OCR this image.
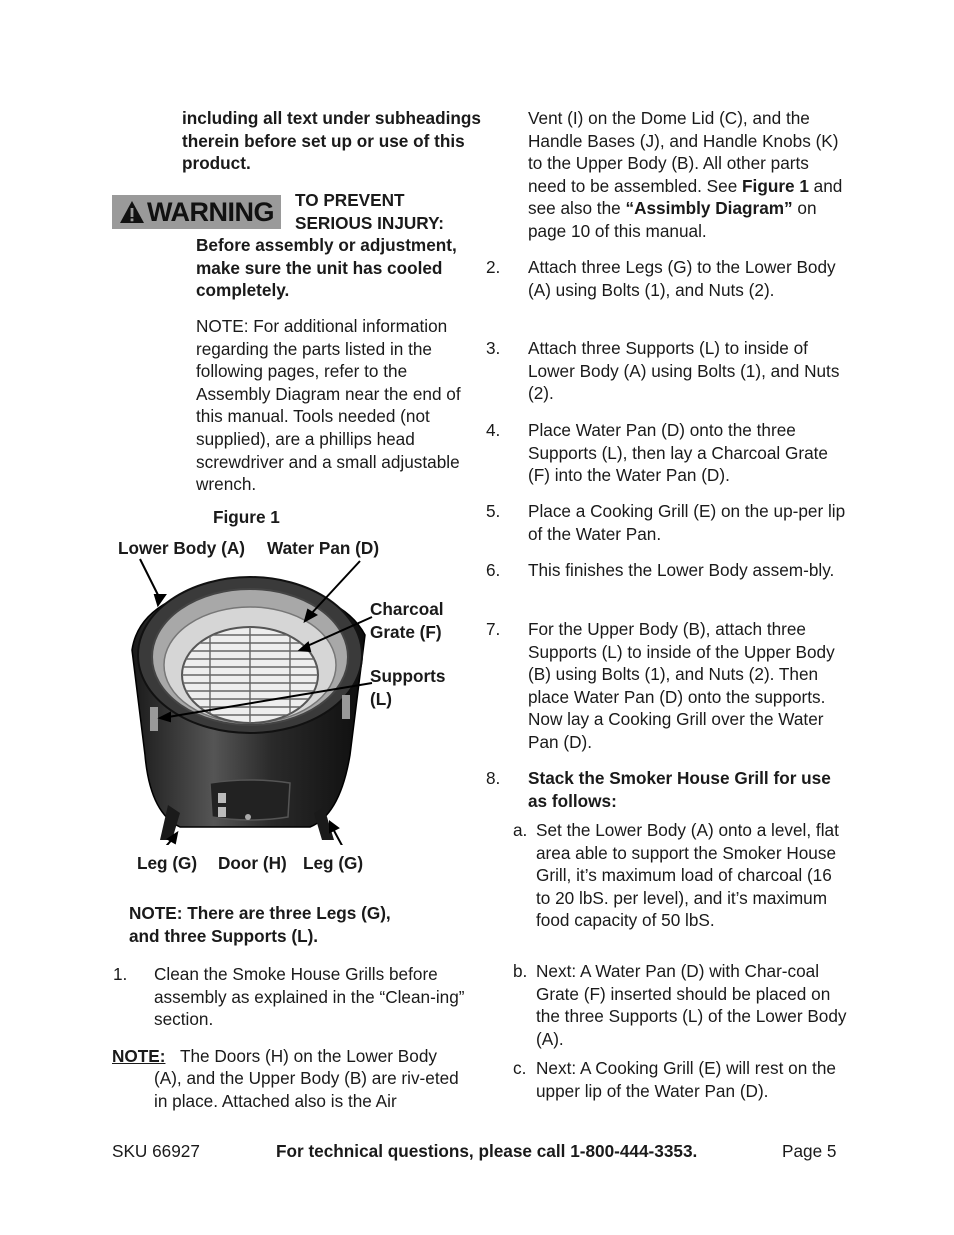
including all text under subheadings therein before set up or use of this product.

WARNING TO PREVENT
SERIOUS INJURY:

Before assembly or adjustment, make sure the unit has cooled completely.

NOTE: For additional information regarding the parts listed in the following pages, refer to the Assembly Diagram near the end of this manual. Tools needed (not supplied), are a phillips head screwdriver and a small adjustable wrench.

Figure 1
Lower Body (A) Water Pan (D)
Charcoal
Grate (F)
Supports
(L)
Leg (G) Door (H) Leg (G)
NOTE: There are three Legs (G),
and three Supports (L).
1. Clean the Smoke House Grills before assembly as explained in the “Clean-ing” section.

NOTE: The Doors (H) on the Lower Body

(A), and the Upper Body (B) are riv-eted in place. Attached also is the Air

Vent (I) on the Dome Lid (C), and the Handle Bases (J), and Handle Knobs (K) to the Upper Body (B). All other parts need to be assembled. See Figure 1 and see also the “Assimbly Diagram” on page 10 of this manual.

2. Attach three Legs (G) to the Lower Body (A) using Bolts (1), and Nuts (2).

3. Attach three Supports (L) to inside of Lower Body (A) using Bolts (1), and Nuts (2).

4. Place Water Pan (D) onto the three Supports (L), then lay a Charcoal Grate (F) into the Water Pan (D).

5. Place a Cooking Grill (E) on the up-per lip of the Water Pan.

6. This finishes the Lower Body assem-bly.

7. For the Upper Body (B), attach three Supports (L) to inside of the Upper Body (B) using Bolts (1), and Nuts (2). Then place Water Pan (D) onto the supports. Now lay a Cooking Grill over the Water Pan (D).

8. Stack the Smoker House Grill for use as follows:

a. Set the Lower Body (A) onto a level, flat area able to support the Smoker House Grill, it’s maximum load of charcoal (16 to 20 lbS. per level), and it’s maximum food capacity of 50 lbS.

b. Next: A Water Pan (D) with Char-coal Grate (F) inserted should be placed on the three Supports (L) of the Lower Body (A).

c. Next: A Cooking Grill (E) will rest on the upper lip of the Water Pan (D).

SKU 66927	For technical questions, please call 1-800-444-3353.	Page 5
